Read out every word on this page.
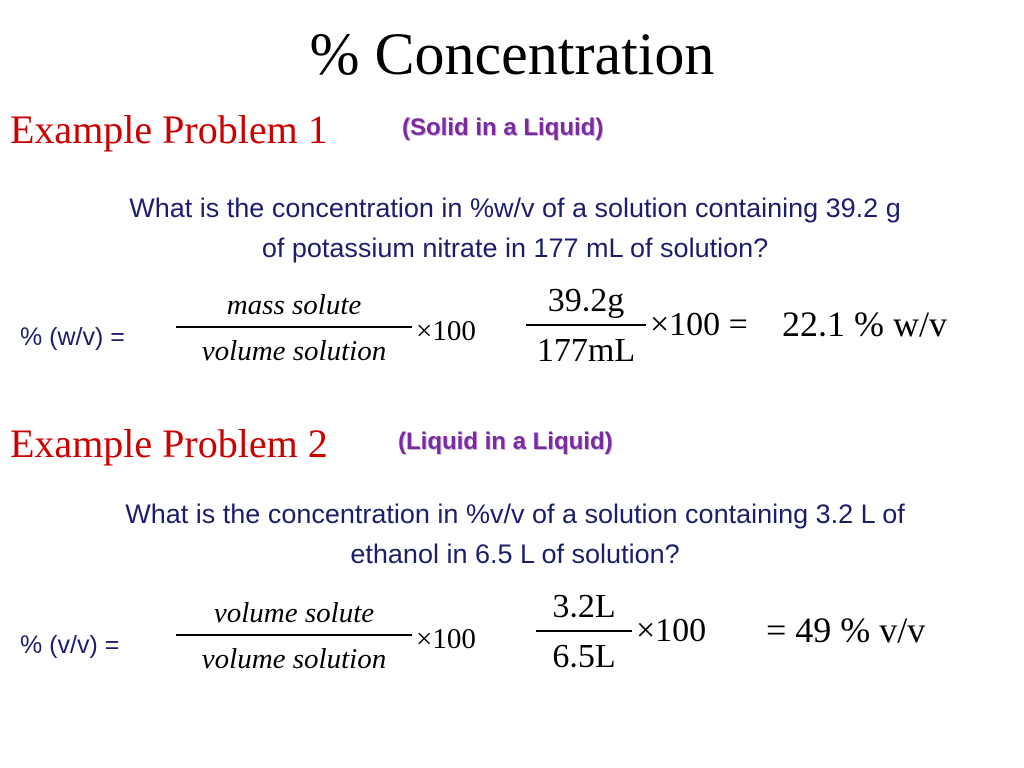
% Concentration
Example Problem 1	(Solid in a Liquid)
What is the concentration in %w/v of a solution containing 39.2 g
of potassium nitrate in 177 mL of solution?
% (w/v) =
mass solute
volume solution
×100
39.2g
177mL
×100 = 22.1 % w/v
Example Problem 2	(Liquid in a Liquid)
What is the concentration in %v/v of a solution containing 3.2 L of
ethanol in 6.5 L of solution?
% (v/v) =
volume solute
volume solution
×100
3.2L
6.5L
×100 = 49 % v/v
